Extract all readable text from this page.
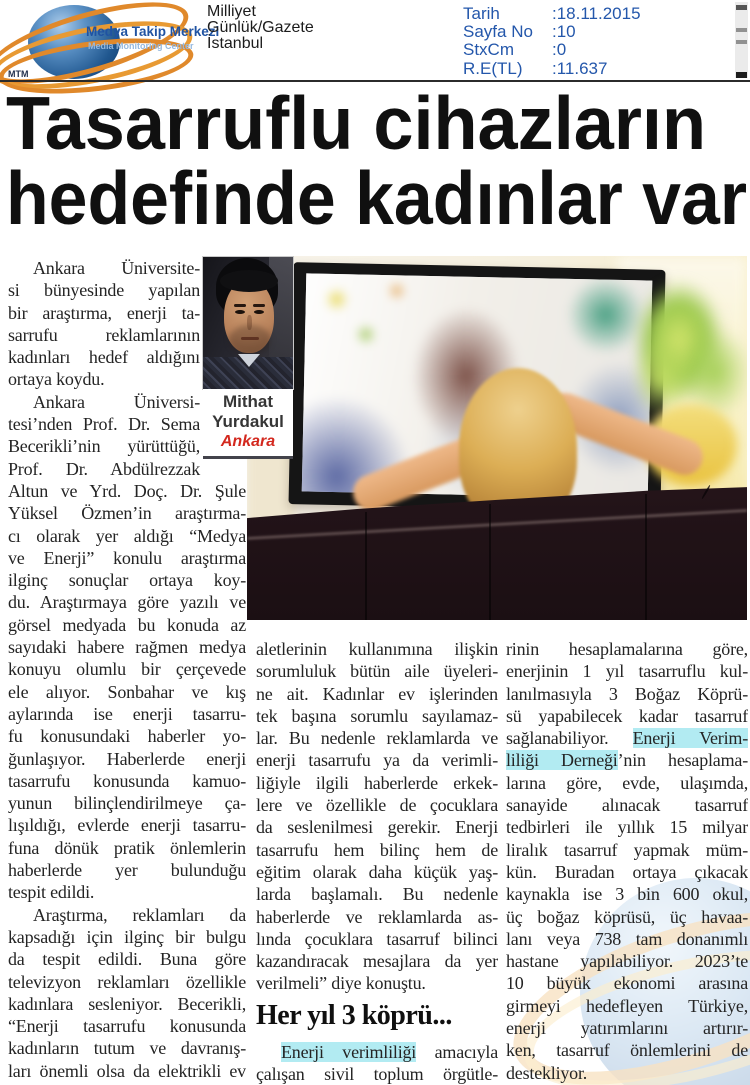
MTM
Medya Takip Merkezi
Media Monitoring Center
Milliyet
Günlük/Gazete
İstanbul
Tarih	:18.11.2015
Sayfa No	:10
StxCm	:0
R.E(TL)	:11.637
Tasarruflu cihazların
hedefinde kadınlar var
Mithat
Yurdakul
Ankara
Ankara Üniversite-
si bünyesinde yapılan
bir araştırma, enerji ta-
sarrufu reklamlarının
kadınları hedef aldığını
ortaya koydu.
Ankara Üniversi-
tesi’nden Prof. Dr. Sema
Becerikli’nin yürüttüğü,
Prof. Dr. Abdülrezzak
Altun ve Yrd. Doç. Dr. Şule
Yüksel Özmen’in araştırma-
cı olarak yer aldığı “Medya
ve Enerji” konulu araştırma
ilginç sonuçlar ortaya koy-
du. Araştırmaya göre yazılı ve
görsel medyada bu konuda az
sayıdaki habere rağmen medya
konuyu olumlu bir çerçevede
ele alıyor. Sonbahar ve kış
aylarında ise enerji tasarru-
fu konusundaki haberler yo-
ğunlaşıyor. Haberlerde enerji
tasarrufu konusunda kamuo-
yunun bilinçlendirilmeye ça-
lışıldığı, evlerde enerji tasarru-
funa dönük pratik önlemlerin
haberlerde yer bulunduğu
tespit edildi.
Araştırma, reklamları da
kapsadığı için ilginç bir bulgu
da tespit edildi. Buna göre
televizyon reklamları özellikle
kadınlara sesleniyor. Becerikli,
“Enerji tasarrufu konusunda
kadınların tutum ve davranış-
ları önemli olsa da elektrikli ev
aletlerinin kullanımına ilişkin
sorumluluk bütün aile üyeleri-
ne ait. Kadınlar ev işlerinden
tek başına sorumlu sayılamaz-
lar. Bu nedenle reklamlarda ve
enerji tasarrufu ya da verimli-
liğiyle ilgili haberlerde erkek-
lere ve özellikle de çocuklara
da seslenilmesi gerekir. Enerji
tasarrufu hem bilinç hem de
eğitim olarak daha küçük yaş-
larda başlamalı. Bu nedenle
haberlerde ve reklamlarda as-
lında çocuklara tasarruf bilinci
kazandıracak mesajlara da yer
verilmeli” diye konuştu.
Her yıl 3 köprü...
Enerji verimliliği amacıyla
çalışan sivil toplum örgütle-
rinin hesaplamalarına göre,
enerjinin 1 yıl tasarruflu kul-
lanılmasıyla 3 Boğaz Köprü-
sü yapabilecek kadar tasarruf
sağlanabiliyor. Enerji Verim-
liliği Derneği’nin hesaplama-
larına göre, evde, ulaşımda,
sanayide alınacak tasarruf
tedbirleri ile yıllık 15 milyar
liralık tasarruf yapmak müm-
kün. Buradan ortaya çıkacak
kaynakla ise 3 bin 600 okul,
üç boğaz köprüsü, üç havaa-
lanı veya 738 tam donanımlı
hastane yapılabiliyor. 2023’te
10 büyük ekonomi arasına
girmeyi hedefleyen Türkiye,
enerji yatırımlarını artırır-
ken, tasarruf önlemlerini de
destekliyor.
